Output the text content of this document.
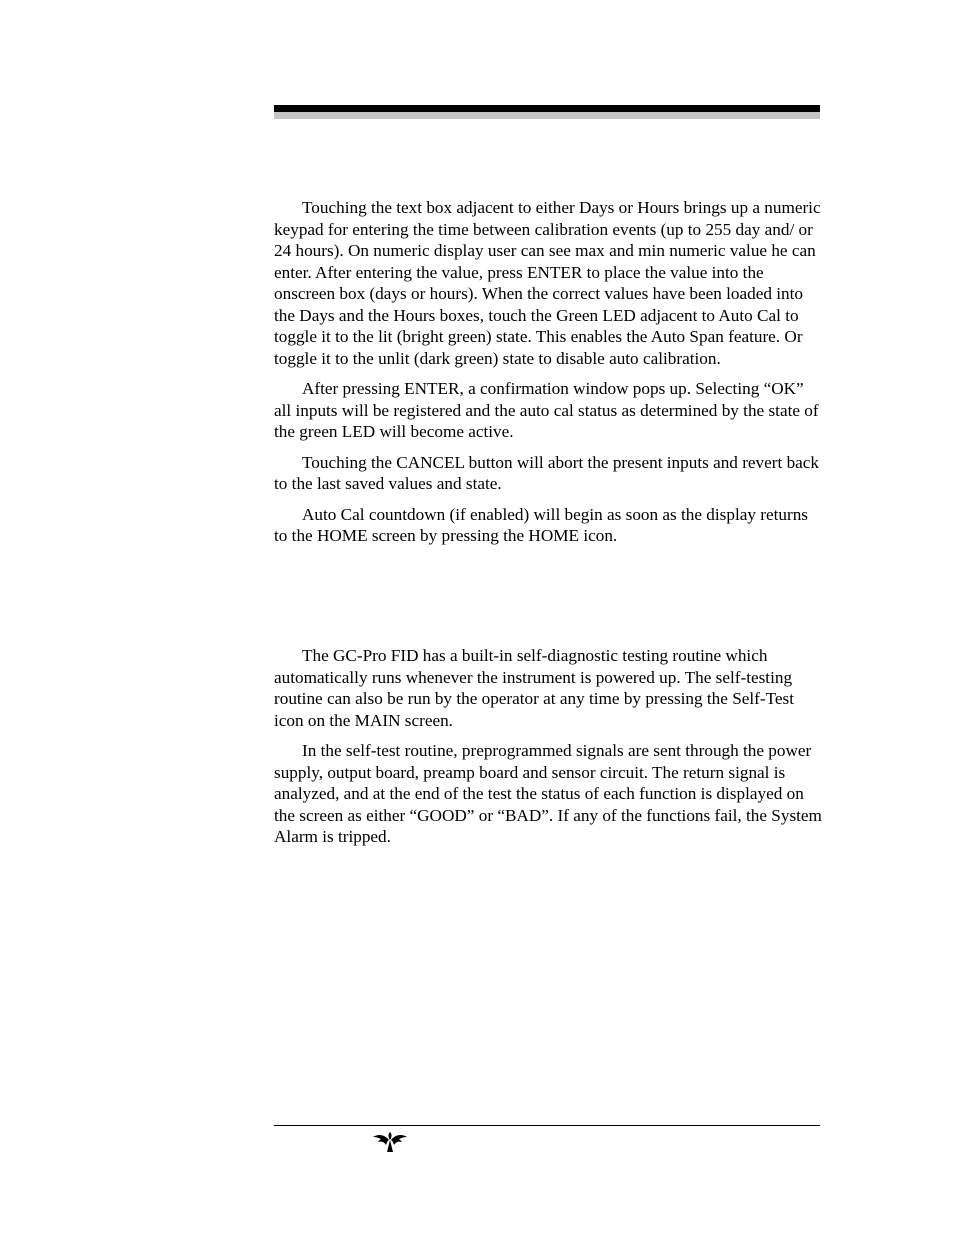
Touching the text box adjacent to either Days or Hours brings up a numeric keypad for entering the time between calibration events (up to 255 day and/ or 24 hours). On numeric display user can see max and min numeric value he can enter. After entering the value, press ENTER to place the value into the onscreen box (days or hours). When the correct values have been loaded into the Days and the Hours boxes, touch the Green LED adjacent to Auto Cal to toggle it to the lit (bright green) state. This enables the Auto Span feature. Or toggle it to the unlit (dark green) state to disable auto calibration.

After pressing ENTER, a confirmation window pops up. Selecting “OK” all inputs will be registered and the auto cal status as determined by the state of the green LED will become active.

Touching the CANCEL button will abort the present inputs and revert back to the last saved values and state.

Auto Cal countdown (if enabled) will begin as soon as the display returns to the HOME screen by pressing the HOME icon.

The GC-Pro FID has a built-in self-diagnostic testing routine which automatically runs whenever the instrument is powered up. The self-testing routine can also be run by the operator at any time by pressing the Self-Test icon on the MAIN screen.

In the self-test routine, preprogrammed signals are sent through the power supply, output board, preamp board and sensor circuit. The return signal is analyzed, and at the end of the test the status of each function is displayed on the screen as either “GOOD” or “BAD”. If any of the functions fail, the System Alarm is tripped.
